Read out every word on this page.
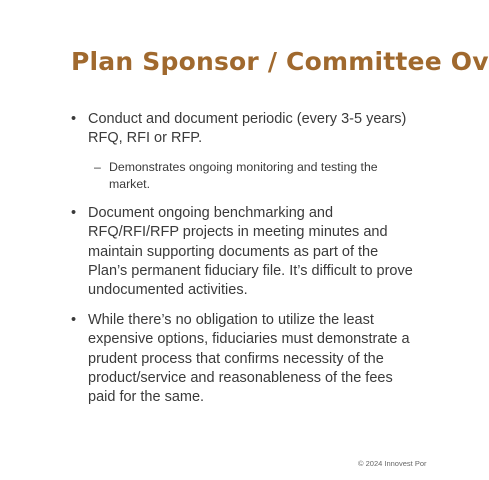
Plan Sponsor / Committee Ov
• Conduct and document periodic (every 3-5 years) RFQ, RFI or RFP.
– Demonstrates ongoing monitoring and testing the market.
• Document ongoing benchmarking and RFQ/RFI/RFP projects in meeting minutes and maintain supporting documents as part of the Plan’s permanent fiduciary file. It’s difficult to prove undocumented activities.
• While there’s no obligation to utilize the least expensive options, fiduciaries must demonstrate a prudent process that confirms necessity of the product/service and reasonableness of the fees paid for the same.
© 2024 Innovest Por
